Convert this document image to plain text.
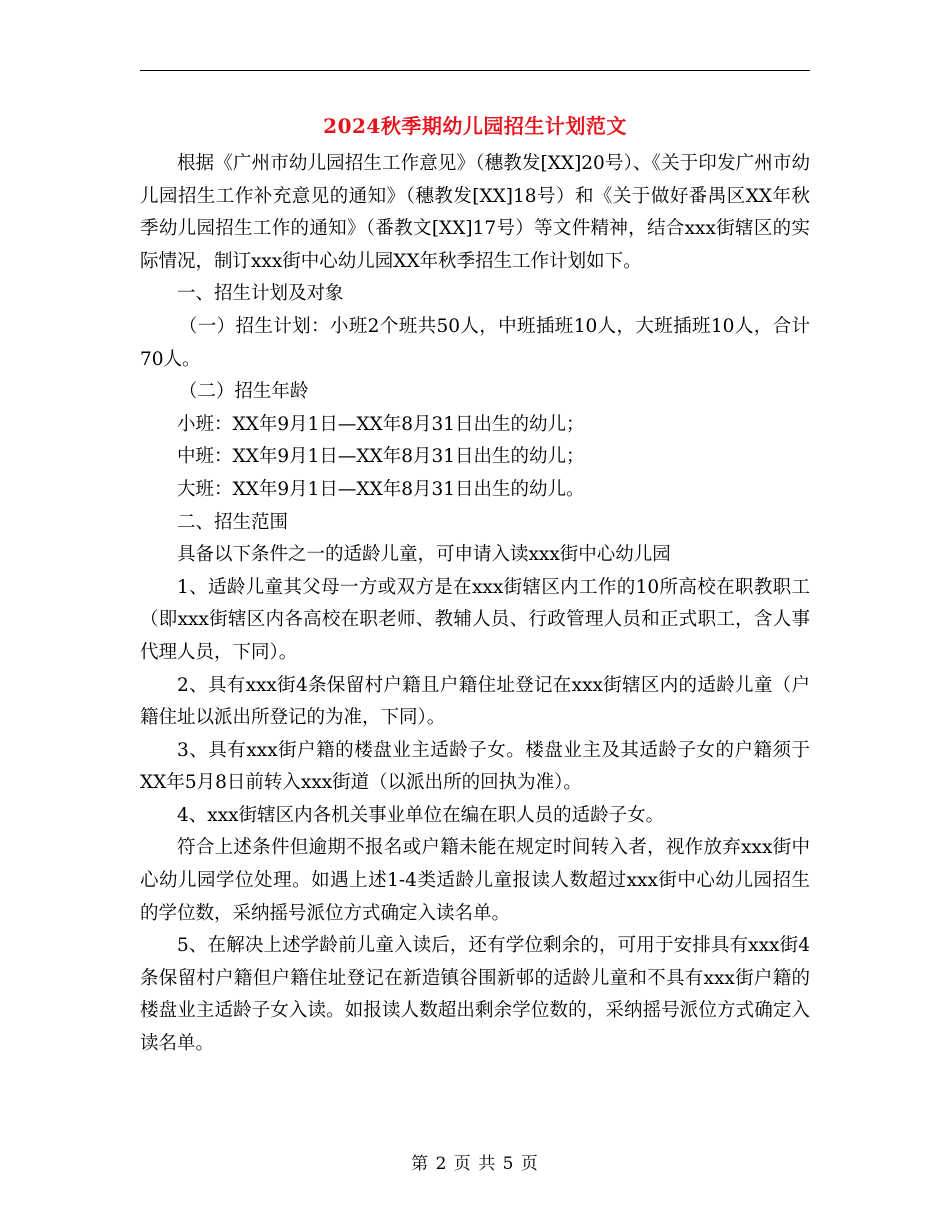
2024秋季期幼儿园招生计划范文

根据《广州市幼儿园招生工作意见》（穗教发[XX]20号）、《关于印发广州市幼儿园招生工作补充意见的通知》（穗教发[XX]18号）和《关于做好番禺区XX年秋季幼儿园招生工作的通知》（番教文[XX]17号）等文件精神，结合xxx街辖区的实际情况，制订xxx街中心幼儿园XX年秋季招生工作计划如下。

一、招生计划及对象

（一）招生计划：小班2个班共50人，中班插班10人，大班插班10人，合计70人。

（二）招生年龄

小班：XX年9月1日—XX年8月31日出生的幼儿；

中班：XX年9月1日—XX年8月31日出生的幼儿；

大班：XX年9月1日—XX年8月31日出生的幼儿。

二、招生范围

具备以下条件之一的适龄儿童，可申请入读xxx街中心幼儿园

1、适龄儿童其父母一方或双方是在xxx街辖区内工作的10所高校在职教职工（即xxx街辖区内各高校在职老师、教辅人员、行政管理人员和正式职工，含人事代理人员，下同）。

2、具有xxx街4条保留村户籍且户籍住址登记在xxx街辖区内的适龄儿童（户籍住址以派出所登记的为准，下同）。

3、具有xxx街户籍的楼盘业主适龄子女。楼盘业主及其适龄子女的户籍须于XX年5月8日前转入xxx街道（以派出所的回执为准）。

4、xxx街辖区内各机关事业单位在编在职人员的适龄子女。

符合上述条件但逾期不报名或户籍未能在规定时间转入者，视作放弃xxx街中心幼儿园学位处理。如遇上述1-4类适龄儿童报读人数超过xxx街中心幼儿园招生的学位数，采纳摇号派位方式确定入读名单。

5、在解决上述学龄前儿童入读后，还有学位剩余的，可用于安排具有xxx街4条保留村户籍但户籍住址登记在新造镇谷围新邨的适龄儿童和不具有xxx街户籍的楼盘业主适龄子女入读。如报读人数超出剩余学位数的，采纳摇号派位方式确定入读名单。

第 2 页 共 5 页
